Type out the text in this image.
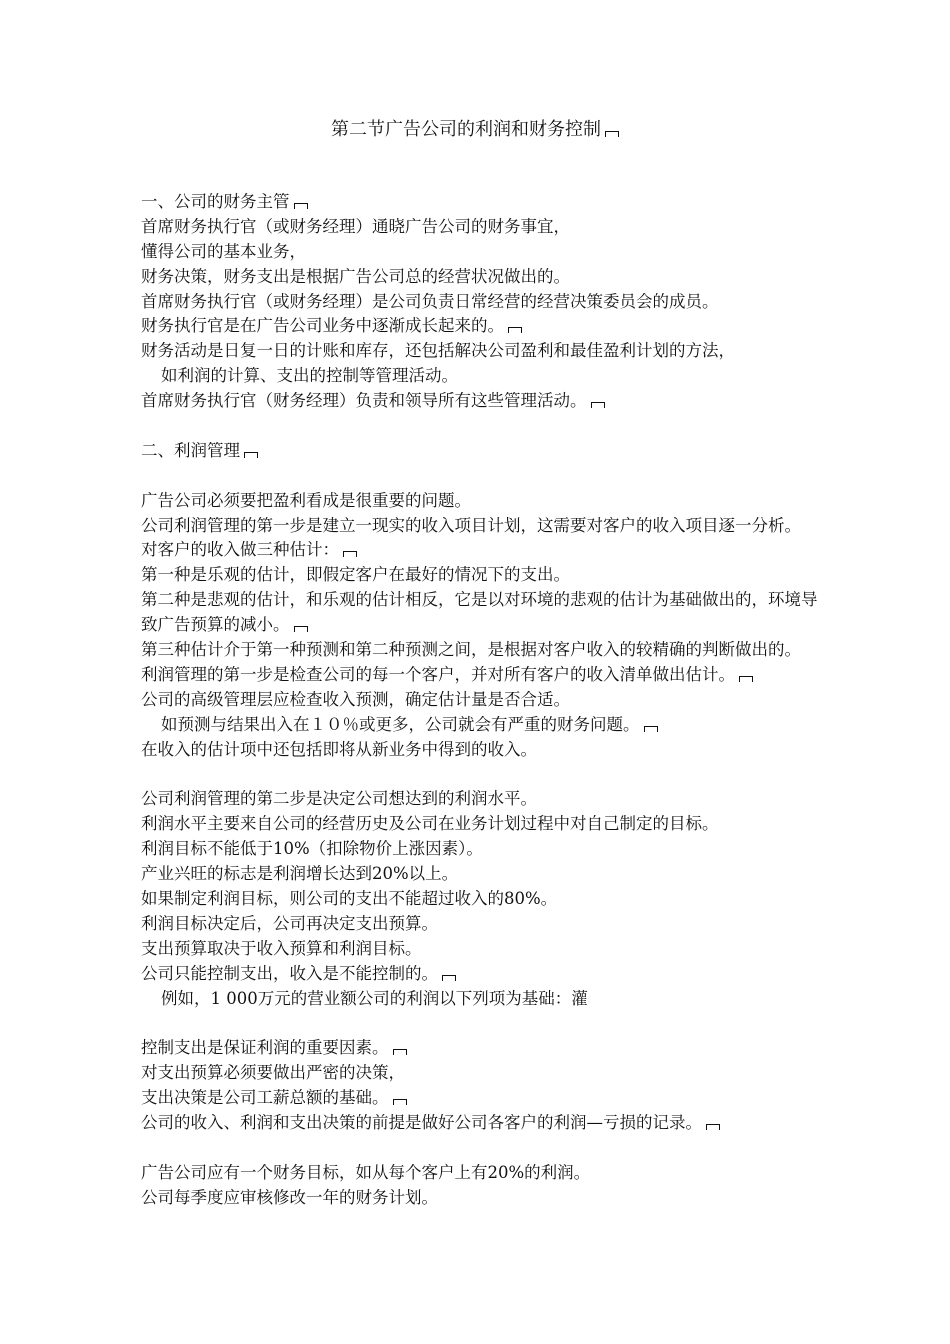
第二节广告公司的利润和财务控制
一、公司的财务主管
首席财务执行官（或财务经理）通晓广告公司的财务事宜，
懂得公司的基本业务，
财务决策，财务支出是根据广告公司总的经营状况做出的。
首席财务执行官（或财务经理）是公司负责日常经营的经营决策委员会的成员。
财务执行官是在广告公司业务中逐渐成长起来的。
财务活动是日复一日的计账和库存，还包括解决公司盈利和最佳盈利计划的方法，
如利润的计算、支出的控制等管理活动。
首席财务执行官（财务经理）负责和领导所有这些管理活动。
二、利润管理
广告公司必须要把盈利看成是很重要的问题。
公司利润管理的第一步是建立一现实的收入项目计划，这需要对客户的收入项目逐一分析。
对客户的收入做三种估计：
第一种是乐观的估计，即假定客户在最好的情况下的支出。
第二种是悲观的估计，和乐观的估计相反，它是以对环境的悲观的估计为基础做出的，环境导
致广告预算的减小。
第三种估计介于第一种预测和第二种预测之间，是根据对客户收入的较精确的判断做出的。
利润管理的第一步是检查公司的每一个客户，并对所有客户的收入清单做出估计。
公司的高级管理层应检查收入预测，确定估计量是否合适。
如预测与结果出入在１０％或更多，公司就会有严重的财务问题。
在收入的估计项中还包括即将从新业务中得到的收入。
公司利润管理的第二步是决定公司想达到的利润水平。
利润水平主要来自公司的经营历史及公司在业务计划过程中对自己制定的目标。
利润目标不能低于10%（扣除物价上涨因素）。
产业兴旺的标志是利润增长达到20%以上。
如果制定利润目标，则公司的支出不能超过收入的80%。
利润目标决定后，公司再决定支出预算。
支出预算取决于收入预算和利润目标。
公司只能控制支出，收入是不能控制的。
例如，1 000万元的营业额公司的利润以下列项为基础：灌
控制支出是保证利润的重要因素。
对支出预算必须要做出严密的决策，
支出决策是公司工薪总额的基础。
公司的收入、利润和支出决策的前提是做好公司各客户的利润—亏损的记录。
广告公司应有一个财务目标，如从每个客户上有20%的利润。
公司每季度应审核修改一年的财务计划。
